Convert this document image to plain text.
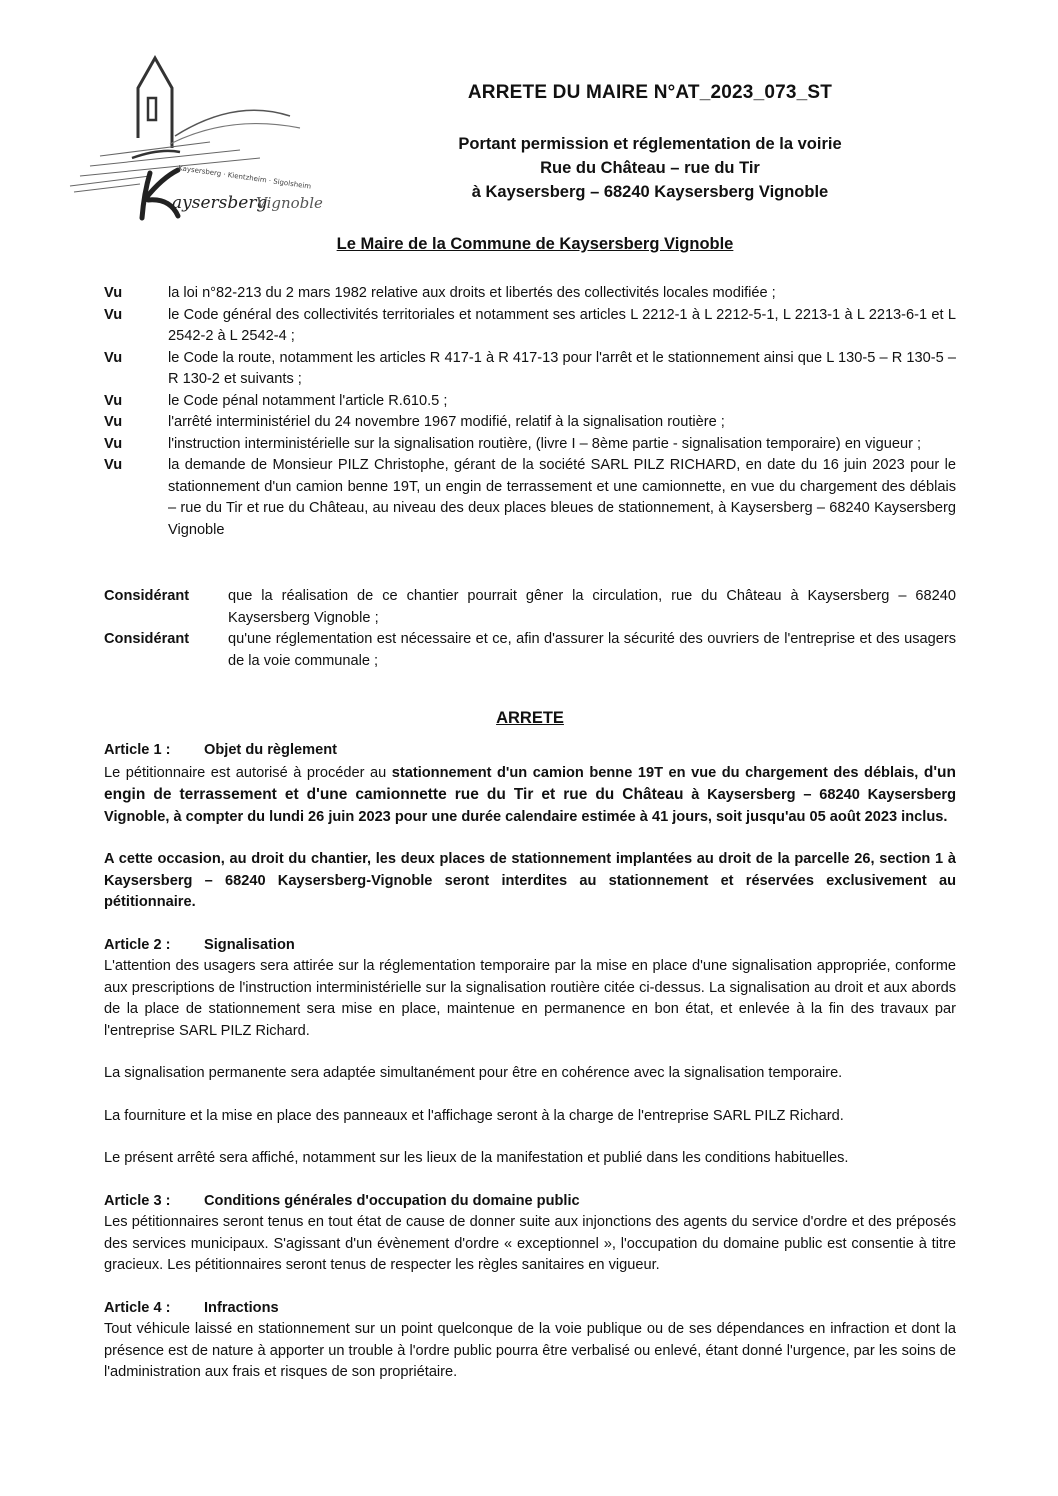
Kaysersberg · Kientzheim · Sigolsheim
aysersberg
Vignoble
ARRETE DU MAIRE N°AT_2023_073_ST
Portant permission et réglementation de la voirie
Rue du Château – rue du Tir
à Kaysersberg – 68240 Kaysersberg Vignoble
Le Maire de la Commune de Kaysersberg Vignoble
Vu	la loi n°82-213 du 2 mars 1982 relative aux droits et libertés des collectivités locales modifiée ;
Vu	le Code général des collectivités territoriales et notamment ses articles L 2212-1 à L 2212-5-1, L 2213-1 à L 2213-6-1 et L 2542-2 à L 2542-4 ;
Vu	le Code la route, notamment les articles R 417-1 à R 417-13 pour l'arrêt et le stationnement ainsi que L 130-5 – R 130-5 – R 130-2 et suivants ;
Vu	le Code pénal notamment l'article R.610.5 ;
Vu	l'arrêté interministériel du 24 novembre 1967 modifié, relatif à la signalisation routière ;
Vu	l'instruction interministérielle sur la signalisation routière, (livre I – 8ème partie - signalisation temporaire) en vigueur ;
Vu	la demande de Monsieur PILZ Christophe, gérant de la société SARL PILZ RICHARD, en date du 16 juin 2023 pour le stationnement d'un camion benne 19T, un engin de terrassement et une camionnette, en vue du chargement des déblais – rue du Tir et rue du Château, au niveau des deux places bleues de stationnement, à Kaysersberg – 68240 Kaysersberg Vignoble
Considérant	que la réalisation de ce chantier pourrait gêner la circulation, rue du Château à Kaysersberg – 68240 Kaysersberg Vignoble ;
Considérant	qu'une réglementation est nécessaire et ce, afin d'assurer la sécurité des ouvriers de l'entreprise et des usagers de la voie communale ;
ARRETE
Article 1 :	Objet du règlement

Le pétitionnaire est autorisé à procéder au stationnement d'un camion benne 19T en vue du chargement des déblais, d'un engin de terrassement et d'une camionnette rue du Tir et rue du Château à Kaysersberg – 68240 Kaysersberg Vignoble, à compter du lundi 26 juin 2023 pour une durée calendaire estimée à 41 jours, soit jusqu'au 05 août 2023 inclus.

A cette occasion, au droit du chantier, les deux places de stationnement implantées au droit de la parcelle 26, section 1 à Kaysersberg – 68240 Kaysersberg-Vignoble seront interdites au stationnement et réservées exclusivement au pétitionnaire.

Article 2 :	Signalisation

L'attention des usagers sera attirée sur la réglementation temporaire par la mise en place d'une signalisation appropriée, conforme aux prescriptions de l'instruction interministérielle sur la signalisation routière citée ci-dessus. La signalisation au droit et aux abords de la place de stationnement sera mise en place, maintenue en permanence en bon état, et enlevée à la fin des travaux par l'entreprise SARL PILZ Richard.

La signalisation permanente sera adaptée simultanément pour être en cohérence avec la signalisation temporaire.

La fourniture et la mise en place des panneaux et l'affichage seront à la charge de l'entreprise SARL PILZ Richard.

Le présent arrêté sera affiché, notamment sur les lieux de la manifestation et publié dans les conditions habituelles.

Article 3 :	Conditions générales d'occupation du domaine public

Les pétitionnaires seront tenus en tout état de cause de donner suite aux injonctions des agents du service d'ordre et des préposés des services municipaux. S'agissant d'un évènement d'ordre « exceptionnel », l'occupation du domaine public est consentie à titre gracieux. Les pétitionnaires seront tenus de respecter les règles sanitaires en vigueur.

Article 4 :	Infractions

Tout véhicule laissé en stationnement sur un point quelconque de la voie publique ou de ses dépendances en infraction et dont la présence est de nature à apporter un trouble à l'ordre public pourra être verbalisé ou enlevé, étant donné l'urgence, par les soins de l'administration aux frais et risques de son propriétaire.
